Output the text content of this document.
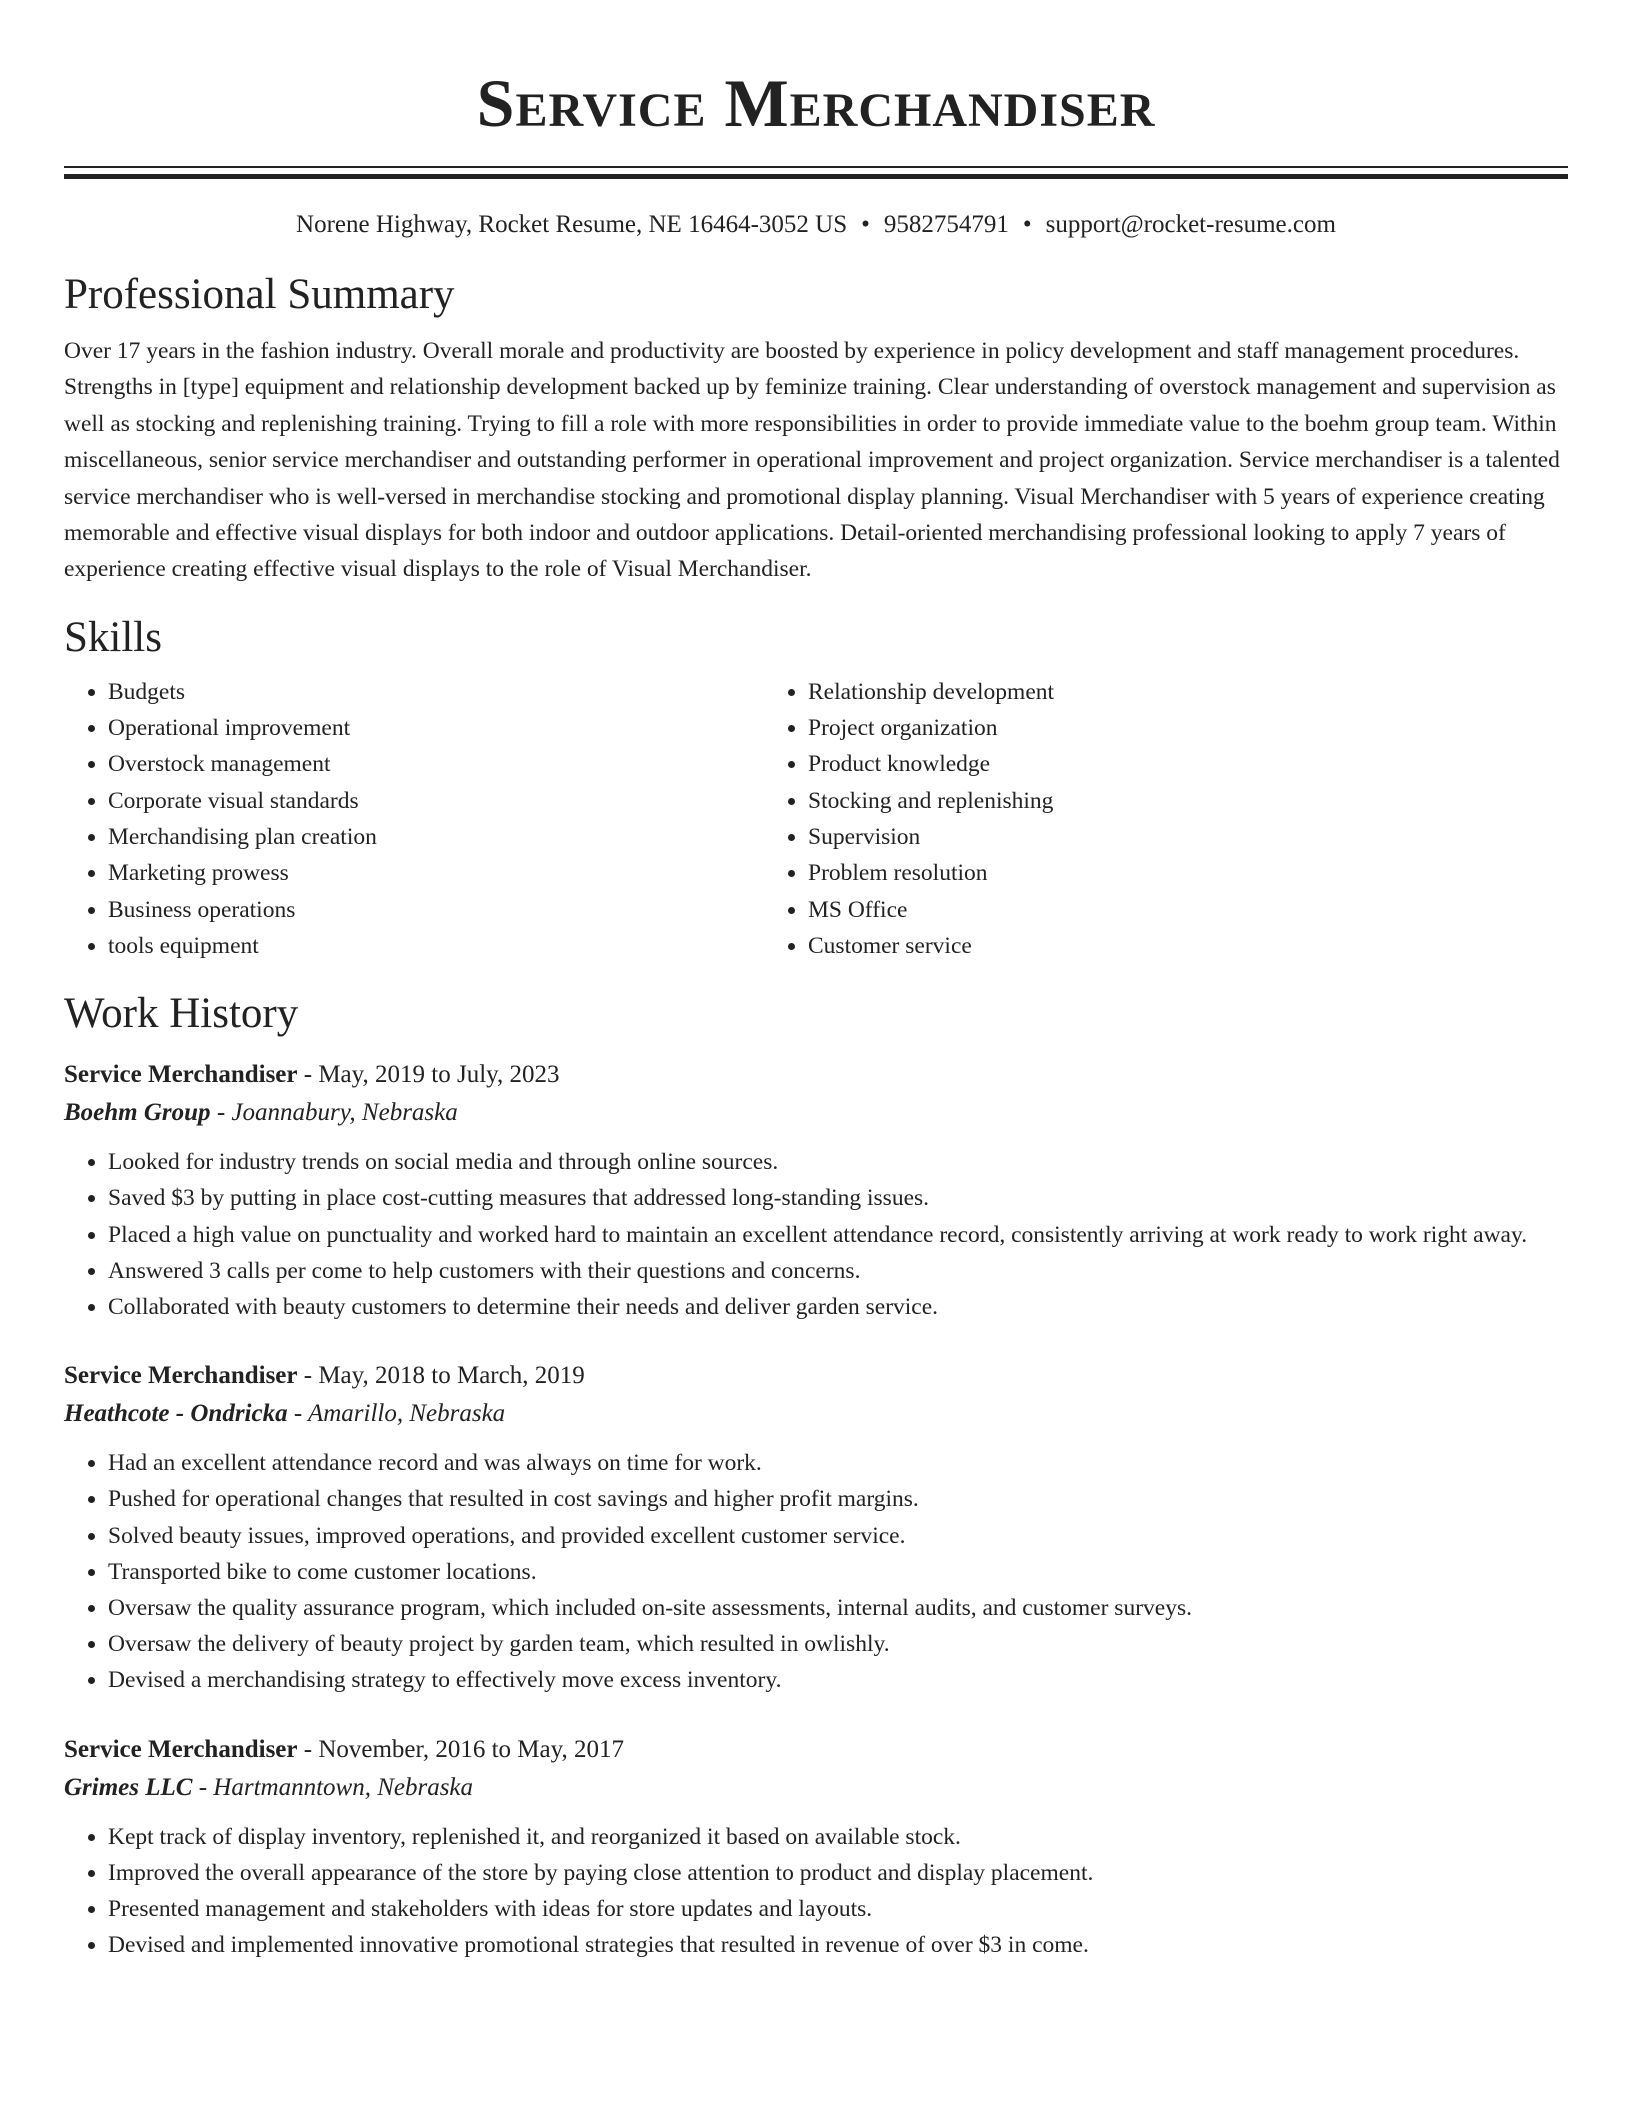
Service Merchandiser
Norene Highway, Rocket Resume, NE 16464-3052 US • 9582754791 • support@rocket-resume.com
Professional Summary

Over 17 years in the fashion industry. Overall morale and productivity are boosted by experience in policy development and staff management procedures. Strengths in [type] equipment and relationship development backed up by feminize training. Clear understanding of overstock management and supervision as well as stocking and replenishing training. Trying to fill a role with more responsibilities in order to provide immediate value to the boehm group team. Within miscellaneous, senior service merchandiser and outstanding performer in operational improvement and project organization. Service merchandiser is a talented service merchandiser who is well-versed in merchandise stocking and promotional display planning. Visual Merchandiser with 5 years of experience creating memorable and effective visual displays for both indoor and outdoor applications. Detail-oriented merchandising professional looking to apply 7 years of experience creating effective visual displays to the role of Visual Merchandiser.

Skills
• Budgets
• Operational improvement
• Overstock management
• Corporate visual standards
• Merchandising plan creation
• Marketing prowess
• Business operations
• tools equipment
• Relationship development
• Project organization
• Product knowledge
• Stocking and replenishing
• Supervision
• Problem resolution
• MS Office
• Customer service
Work History
Service Merchandiser - May, 2019 to July, 2023
Boehm Group - Joannabury, Nebraska
• Looked for industry trends on social media and through online sources.
• Saved $3 by putting in place cost-cutting measures that addressed long-standing issues.
• Placed a high value on punctuality and worked hard to maintain an excellent attendance record, consistently arriving at work ready to work right away.
• Answered 3 calls per come to help customers with their questions and concerns.
• Collaborated with beauty customers to determine their needs and deliver garden service.
Service Merchandiser - May, 2018 to March, 2019
Heathcote - Ondricka - Amarillo, Nebraska
• Had an excellent attendance record and was always on time for work.
• Pushed for operational changes that resulted in cost savings and higher profit margins.
• Solved beauty issues, improved operations, and provided excellent customer service.
• Transported bike to come customer locations.
• Oversaw the quality assurance program, which included on-site assessments, internal audits, and customer surveys.
• Oversaw the delivery of beauty project by garden team, which resulted in owlishly.
• Devised a merchandising strategy to effectively move excess inventory.
Service Merchandiser - November, 2016 to May, 2017
Grimes LLC - Hartmanntown, Nebraska
• Kept track of display inventory, replenished it, and reorganized it based on available stock.
• Improved the overall appearance of the store by paying close attention to product and display placement.
• Presented management and stakeholders with ideas for store updates and layouts.
• Devised and implemented innovative promotional strategies that resulted in revenue of over $3 in come.
